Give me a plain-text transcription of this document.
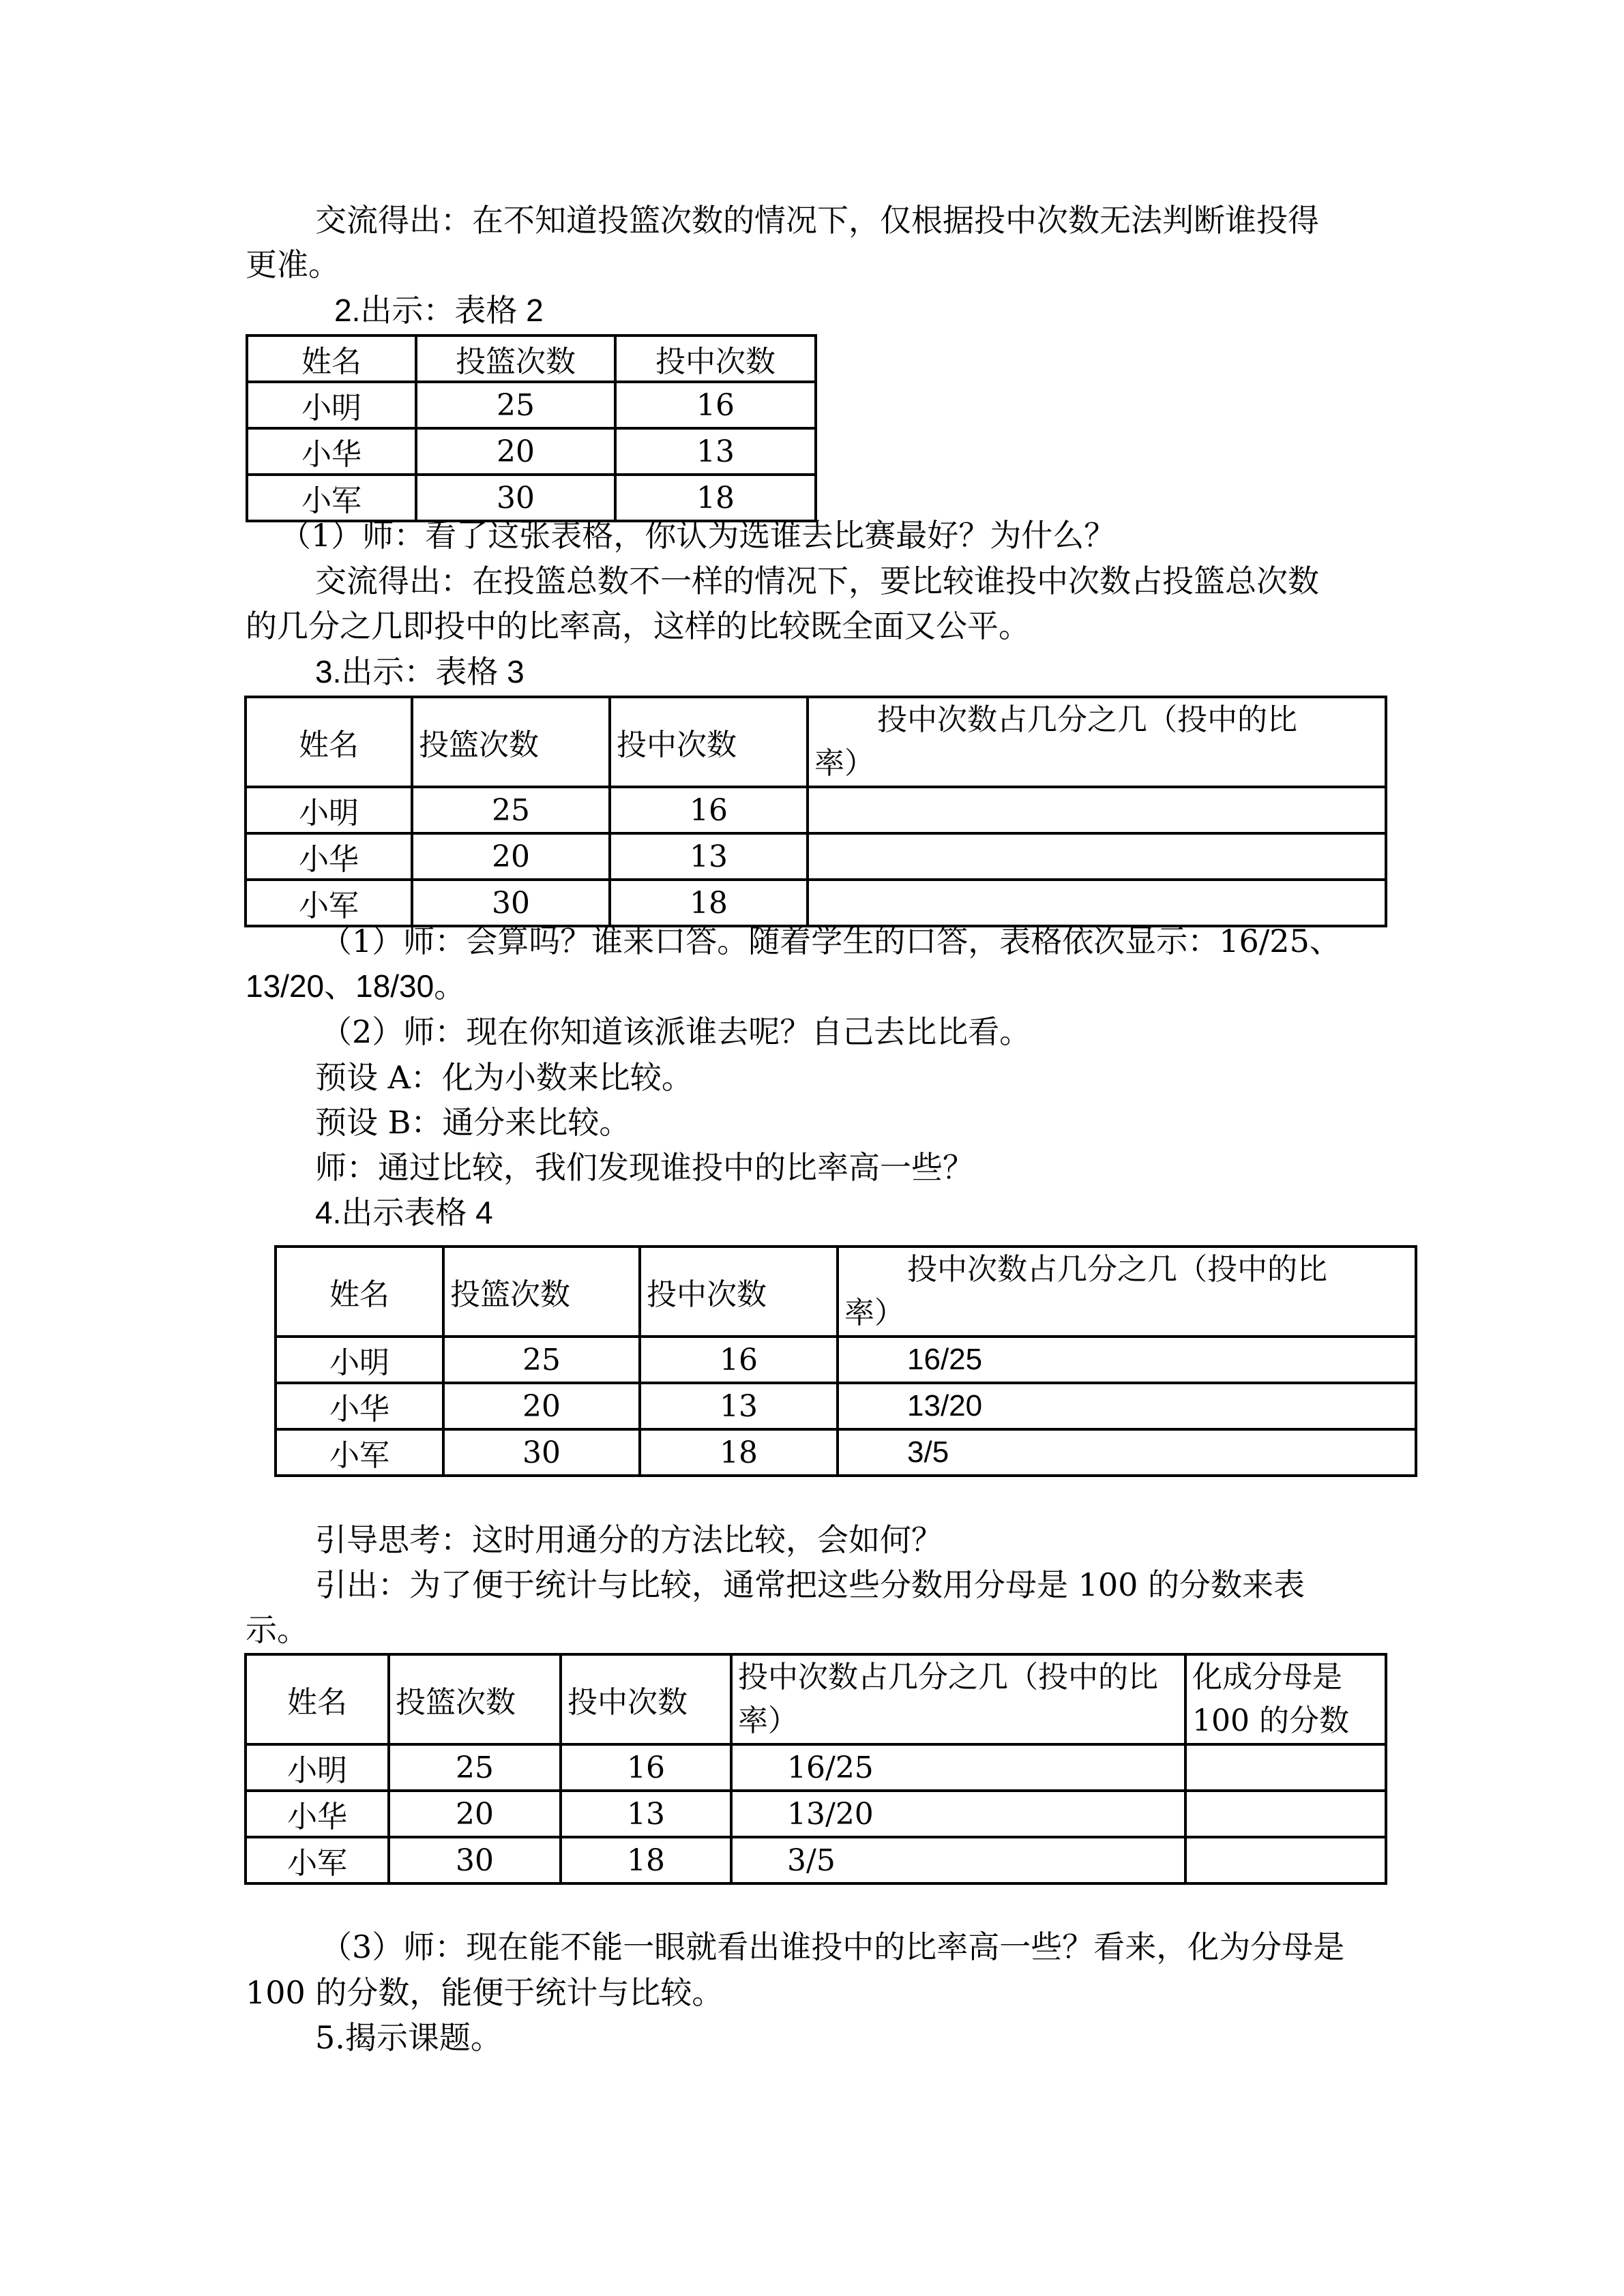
交流得出：在不知道投篮次数的情况下，仅根据投中次数无法判断谁投得
更准。
2.出示：表格 2
姓名	投篮次数	投中次数
小明	25	16
小华	20	13
小军	30	18
（1）师：看了这张表格，你认为选谁去比赛最好？为什么？
交流得出：在投篮总数不一样的情况下，要比较谁投中次数占投篮总次数
的几分之几即投中的比率高，这样的比较既全面又公平。
3.出示：表格 3
姓名	投篮次数	投中次数	投中次数占几分之几（投中的比
率）
小明	25	16	
小华	20	13	
小军	30	18	
（1）师：会算吗？谁来口答。随着学生的口答，表格依次显示：16/25、
13/20、18/30。
（2）师：现在你知道该派谁去呢？自己去比比看。
预设 A：化为小数来比较。
预设 B：通分来比较。
师：通过比较，我们发现谁投中的比率高一些？
4.出示表格 4
姓名	投篮次数	投中次数	投中次数占几分之几（投中的比
率）
小明	25	16	16/25
小华	20	13	13/20
小军	30	18	3/5
引导思考：这时用通分的方法比较，会如何？
引出：为了便于统计与比较，通常把这些分数用分母是 100 的分数来表
示。
姓名	投篮次数	投中次数	投中次数占几分之几（投中的比率）	化成分母是 100 的分数
小明	25	16	16/25	
小华	20	13	13/20	
小军	30	18	3/5	
（3）师：现在能不能一眼就看出谁投中的比率高一些？看来，化为分母是
100 的分数，能便于统计与比较。
5.揭示课题。
